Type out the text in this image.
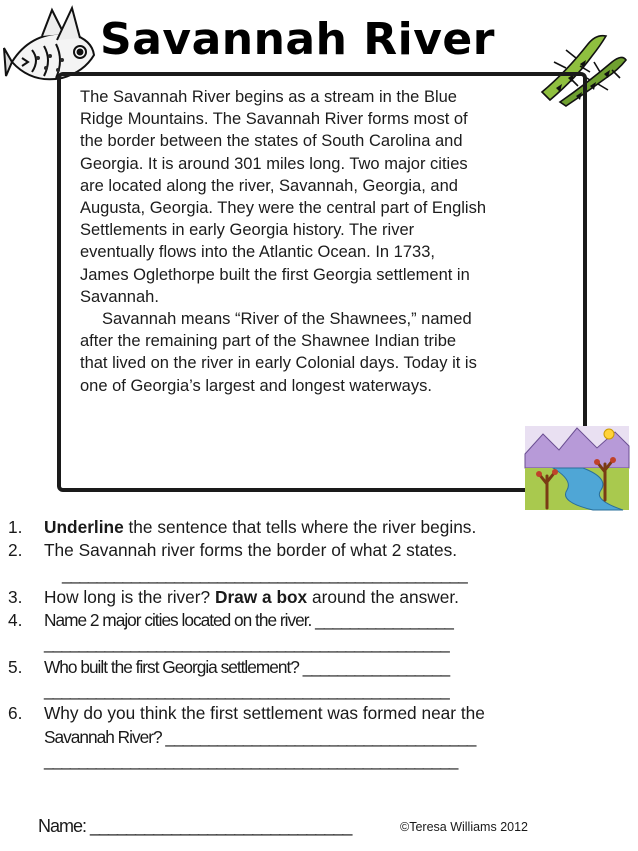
Savannah River
The Savannah River begins as a stream in the Blue
Ridge Mountains. The Savannah River forms most of
the border between the states of South Carolina and
Georgia. It is around 301 miles long. Two major cities
are located along the river, Savannah, Georgia, and
Augusta, Georgia. They were the central part of English
Settlements in early Georgia history. The river
eventually flows into the Atlantic Ocean. In 1733,
James Oglethorpe built the first Georgia settlement in
Savannah.
Savannah means “River of the Shawnees,” named
after the remaining part of the Shawnee Indian tribe
that lived on the river in early Colonial days. Today it is
one of Georgia’s largest and longest waterways.
1.	Underline the sentence that tells where the river begins.
2.	The Savannah river forms the border of what 2 states.
_______________________________________________
3.	How long is the river? Draw a box around the answer.
4.	Name 2 major cities located on the river. ________________
_______________________________________________
5.	Who built the first Georgia settlement? _________________
_______________________________________________
6.	Why do you think the first settlement was formed near the
Savannah River? ____________________________________
________________________________________________
Name: _____________________________	©Teresa Williams 2012
